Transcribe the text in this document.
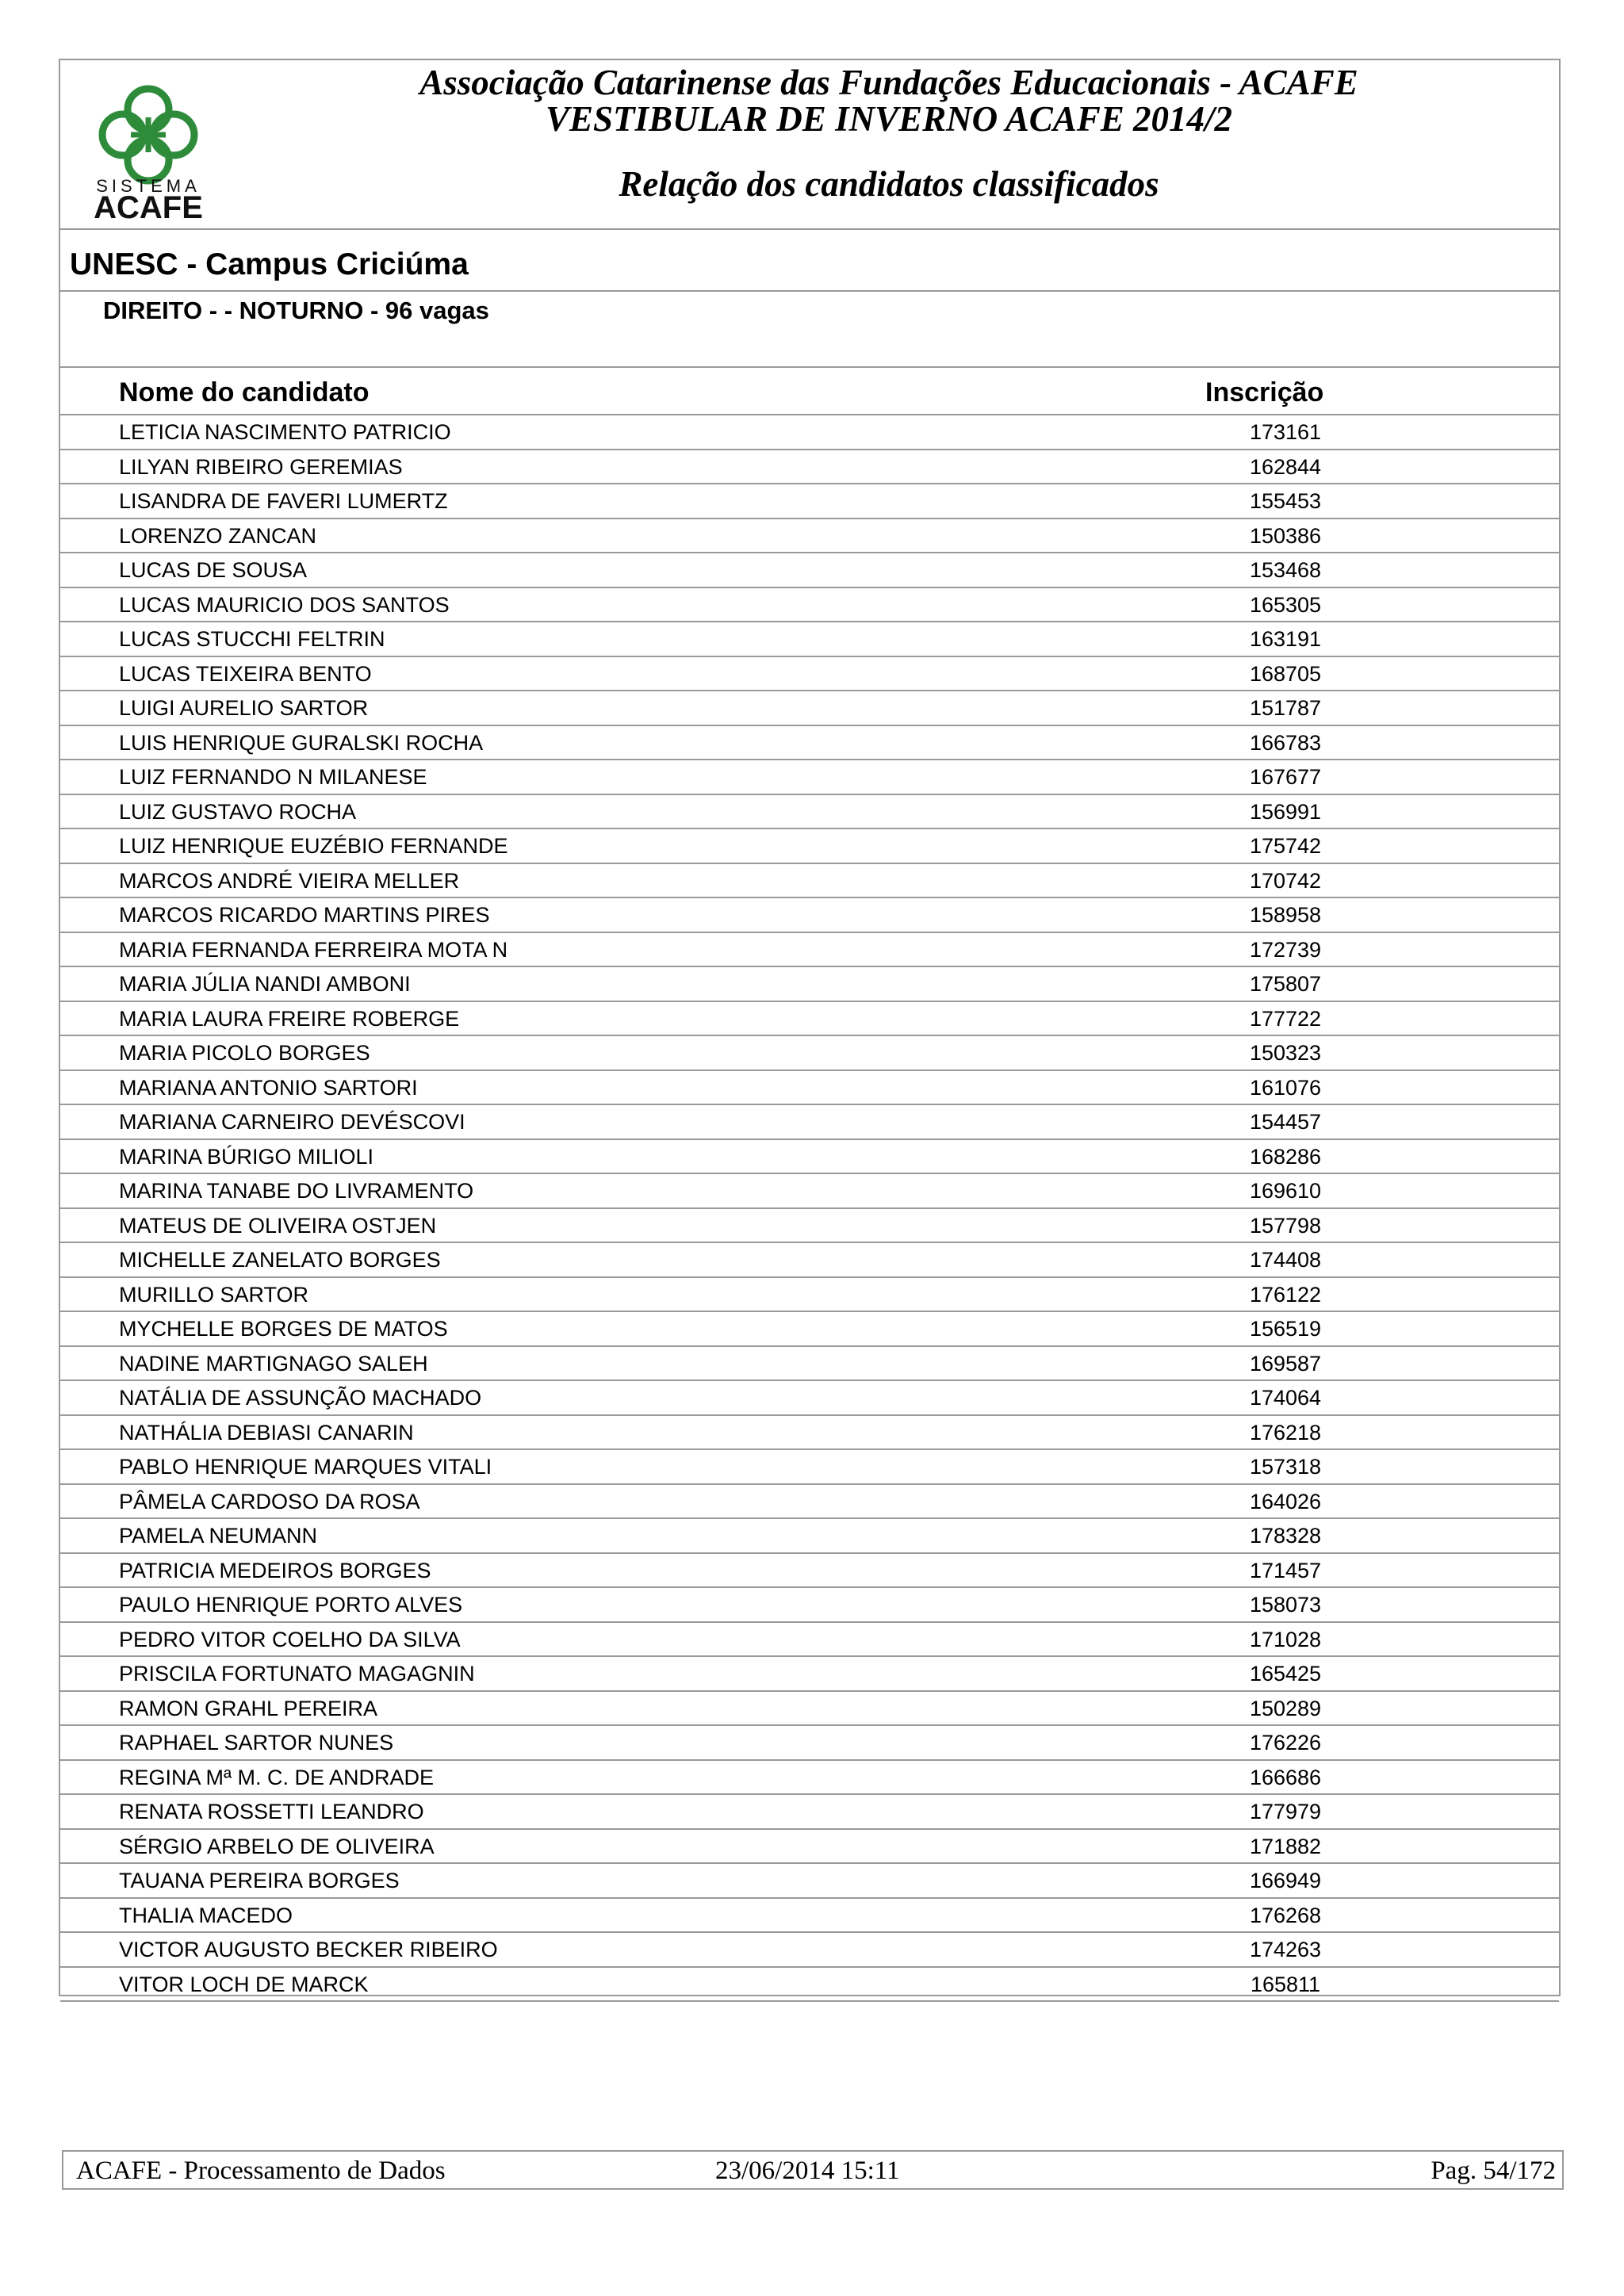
SISTEMA
ACAFE
Associação Catarinense das Fundações Educacionais - ACAFE
VESTIBULAR DE INVERNO ACAFE 2014/2
Relação dos candidatos classificados
UNESC - Campus Criciúma
DIREITO - - NOTURNO - 96 vagas
Nome do candidato	Inscrição
LETICIA NASCIMENTO PATRICIO	173161
LILYAN RIBEIRO GEREMIAS	162844
LISANDRA DE FAVERI LUMERTZ	155453
LORENZO ZANCAN	150386
LUCAS DE SOUSA	153468
LUCAS MAURICIO DOS SANTOS	165305
LUCAS STUCCHI FELTRIN	163191
LUCAS TEIXEIRA BENTO	168705
LUIGI AURELIO SARTOR	151787
LUIS HENRIQUE GURALSKI ROCHA	166783
LUIZ FERNANDO N MILANESE	167677
LUIZ GUSTAVO ROCHA	156991
LUIZ HENRIQUE EUZÉBIO FERNANDE	175742
MARCOS ANDRÉ VIEIRA MELLER	170742
MARCOS RICARDO MARTINS PIRES	158958
MARIA FERNANDA FERREIRA MOTA N	172739
MARIA JÚLIA NANDI AMBONI	175807
MARIA LAURA FREIRE ROBERGE	177722
MARIA PICOLO BORGES	150323
MARIANA ANTONIO SARTORI	161076
MARIANA CARNEIRO DEVÉSCOVI	154457
MARINA BÚRIGO MILIOLI	168286
MARINA TANABE DO LIVRAMENTO	169610
MATEUS DE OLIVEIRA OSTJEN	157798
MICHELLE ZANELATO BORGES	174408
MURILLO SARTOR	176122
MYCHELLE BORGES DE MATOS	156519
NADINE MARTIGNAGO SALEH	169587
NATÁLIA DE ASSUNÇÃO MACHADO	174064
NATHÁLIA DEBIASI CANARIN	176218
PABLO HENRIQUE MARQUES VITALI	157318
PÂMELA CARDOSO DA ROSA	164026
PAMELA NEUMANN	178328
PATRICIA MEDEIROS BORGES	171457
PAULO HENRIQUE PORTO ALVES	158073
PEDRO VITOR COELHO DA SILVA	171028
PRISCILA FORTUNATO MAGAGNIN	165425
RAMON GRAHL PEREIRA	150289
RAPHAEL SARTOR NUNES	176226
REGINA Mª M. C. DE ANDRADE	166686
RENATA ROSSETTI LEANDRO	177979
SÉRGIO ARBELO DE OLIVEIRA	171882
TAUANA PEREIRA BORGES	166949
THALIA MACEDO	176268
VICTOR AUGUSTO BECKER RIBEIRO	174263
VITOR LOCH DE MARCK	165811
ACAFE - Processamento de Dados	23/06/2014 15:11	Pag. 54/172
